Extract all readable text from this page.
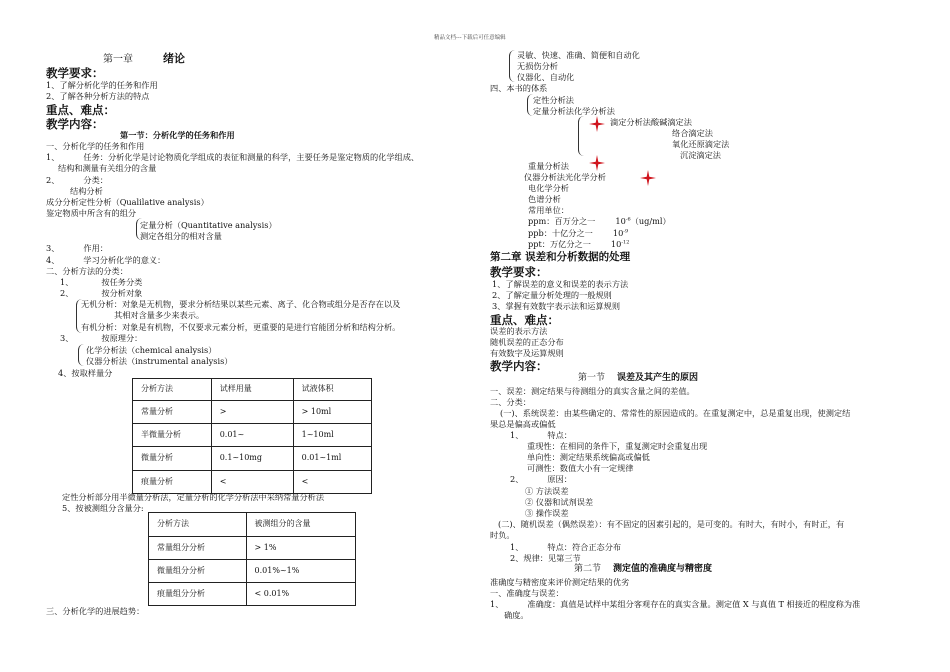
精品文档---下载后可任意编辑
第一章	绪论
教学要求：
1、了解分析化学的任务和作用
2、了解各种分析方法的特点
重点、难点：
教学内容：
第一节：分析化学的任务和作用
一、分析化学的任务和作用
1、	任务：分析化学是讨论物质化学组成的表征和测量的科学，主要任务是鉴定物质的化学组成、
结构和测量有关组分的含量
2、	分类：
结构分析
成分分析定性分析（Qualilative analysis）
鉴定物质中所含有的组分
定量分析（Quantitative analysis）
测定各组分的相对含量
3、	作用：
4、	学习分析化学的意义：
二、分析方法的分类：
1、	按任务分类
2、	按分析对象
无机分析：对象是无机物，要求分析结果以某些元素、离子、化合物或组分是否存在以及
其相对含量多少来表示。
有机分析：对象是有机物，不仅要求元素分析，更重要的是进行官能团分析和结构分析。
3、	按原理分：
化学分析法（chemical analysis）
仪器分析法（instrumental analysis）
4、按取样量分
分析方法	试样用量	试液体积
常量分析	>	> 10ml
半微量分析	0.01~	1~10ml
微量分析	0.1~10mg	0.01~1ml
痕量分析	<	<
定性分析部分用半微量分析法，定量分析的化学分析法中采纳常量分析法
5、按被测组分含量分:
分析方法	被测组分的含量
常量组分分析	> 1%
微量组分分析	0.01%~1%
痕量组分分析	< 0.01%
三、分析化学的进展趋势：
灵敏、快速、准确、简便和自动化
无损伤分析
仪器化、自动化
四、本书的体系
定性分析法
定量分析法化学分析法
滴定分析法酸碱滴定法
络合滴定法
氧化还原滴定法
沉淀滴定法
重量分析法
仪器分析法光化学分析
电化学分析
色谱分析
常用单位：
ppm：百万分之一 $10^{-6}(ug/ml)$
ppb：十亿分之一 $10^{-9}$
ppt：万亿分之一 $10^{-12}$
第二章 误差和分析数据的处理
教学要求：
1、了解误差的意义和误差的表示方法
2、了解定量分析处理的一般规则
3、掌握有效数字表示法和运算规则
重点、难点：
误差的表示方法
随机误差的正态分布
有效数字及运算规则
教学内容：
第一节 误差及其产生的原因
一、误差：测定结果与待测组分的真实含量之间的差值。
二、分类：
(一)、系统误差：由某些确定的、常常性的原因造成的。在重复测定中，总是重复出现，使测定结
果总是偏高或偏低
1、	特点：
重现性：在相同的条件下，重复测定时会重复出现
单向性：测定结果系统偏高或偏低
可测性：数值大小有一定规律
2、	原因：
① 方法误差
② 仪器和试剂误差
③ 操作误差
(二)、随机误差（偶然误差）：有不固定的因素引起的，是可变的。有时大，有时小，有时正，有
时负。
1、	特点：符合正态分布
2、规律：见第三节
第二节 测定值的准确度与精密度
准确度与精密度来评价测定结果的优劣
一、准确度与误差：
1、	准确度：真值是试样中某组分客观存在的真实含量。测定值 X 与真值 T 相接近的程度称为准
确度。
